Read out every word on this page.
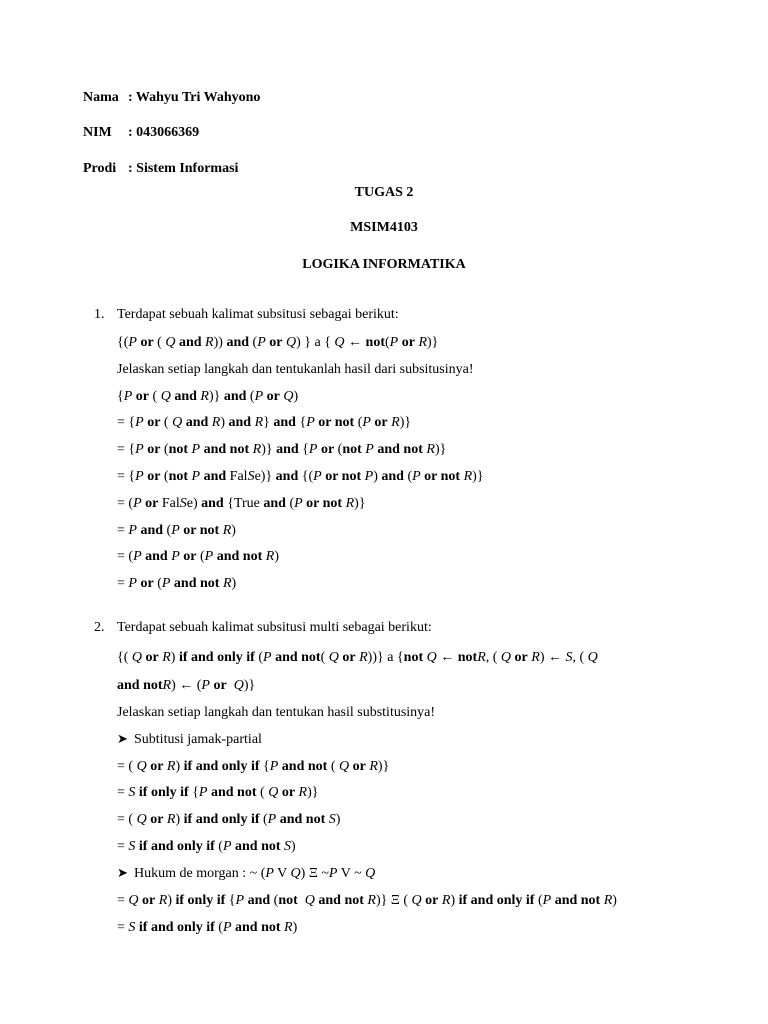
Nama : Wahyu Tri Wahyono
NIM : 043066369
Prodi : Sistem Informasi
TUGAS 2
MSIM4103
LOGIKA INFORMATIKA
1. Terdapat sebuah kalimat subsitusi sebagai berikut:
{(P or ( Q and R)) and (P or Q) } a { Q ← not(P or R)}
Jelaskan setiap langkah dan tentukanlah hasil dari subsitusinya!
{P or ( Q and R)} and (P or Q)
= {P or ( Q and R) and R} and {P or not (P or R)}
= {P or (not P and not R)} and {P or (not P and not R)}
= {P or (not P and FalSe)} and {(P or not P) and (P or not R)}
= (P or FalSe) and {True and (P or not R)}
= P and (P or not R)
= (P and P or (P and not R)
= P or (P and not R)
2. Terdapat sebuah kalimat subsitusi multi sebagai berikut:
{( Q or R) if and only if (P and not( Q or R))} a {not Q ← notR, ( Q or R) ← S, ( Q
and notR) ← (P or Q)}
Jelaskan setiap langkah dan tentukan hasil substitusinya!
➤ Subtitusi jamak-partial
= ( Q or R) if and only if {P and not ( Q or R)}
= S if only if {P and not ( Q or R)}
= ( Q or R) if and only if (P and not S)
= S if and only if (P and not S)
➤ Hukum de morgan : ~ (P V Q) Ξ ~P V ~ Q
= Q or R) if only if {P and (not Q and not R)} Ξ ( Q or R) if and only if (P and not R)
= S if and only if (P and not R)
